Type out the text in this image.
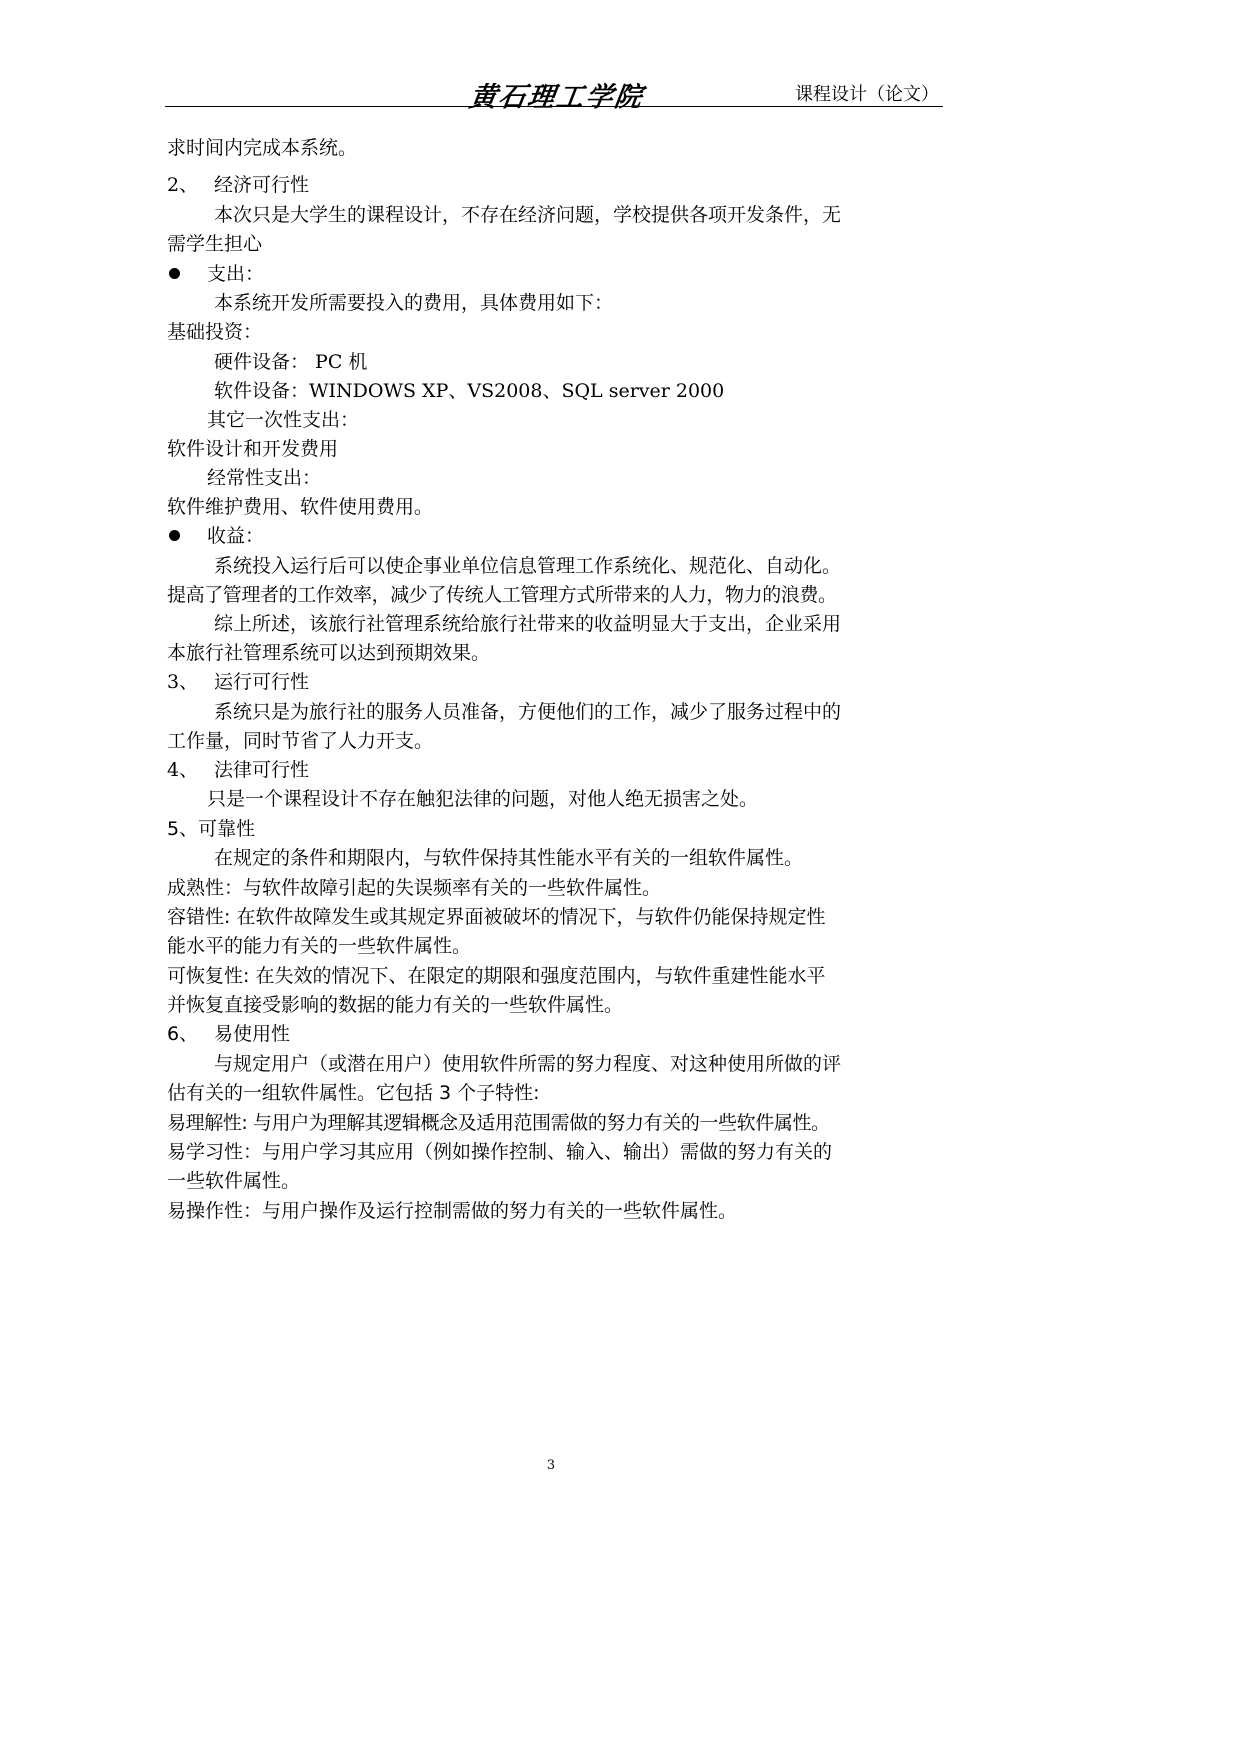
黄石理工学院	课程设计（论文）
求时间内完成本系统。
2、 经济可行性
本次只是大学生的课程设计，不存在经济问题，学校提供各项开发条件，无
需学生担心
支出：
本系统开发所需要投入的费用，具体费用如下：
基础投资：
硬件设备： PC 机
软件设备：WINDOWS XP、VS2008、SQL server 2000
其它一次性支出：
软件设计和开发费用
经常性支出：
软件维护费用、软件使用费用。
收益：
系统投入运行后可以使企事业单位信息管理工作系统化、规范化、自动化。
提高了管理者的工作效率，减少了传统人工管理方式所带来的人力，物力的浪费。
综上所述，该旅行社管理系统给旅行社带来的收益明显大于支出，企业采用
本旅行社管理系统可以达到预期效果。
3、 运行可行性
系统只是为旅行社的服务人员准备，方便他们的工作，减少了服务过程中的
工作量，同时节省了人力开支。
4、 法律可行性
只是一个课程设计不存在触犯法律的问题，对他人绝无损害之处。
5、可靠性
在规定的条件和期限内，与软件保持其性能水平有关的一组软件属性。
成熟性：与软件故障引起的失误频率有关的一些软件属性。
容错性: 在软件故障发生或其规定界面被破坏的情况下，与软件仍能保持规定性
能水平的能力有关的一些软件属性。
可恢复性: 在失效的情况下、在限定的期限和强度范围内，与软件重建性能水平
并恢复直接受影响的数据的能力有关的一些软件属性。
6、 易使用性
与规定用户（或潜在用户）使用软件所需的努力程度、对这种使用所做的评
估有关的一组软件属性。它包括 3 个子特性:
易理解性: 与用户为理解其逻辑概念及适用范围需做的努力有关的一些软件属性。
易学习性：与用户学习其应用（例如操作控制、输入、输出）需做的努力有关的
一些软件属性。
易操作性：与用户操作及运行控制需做的努力有关的一些软件属性。
3
